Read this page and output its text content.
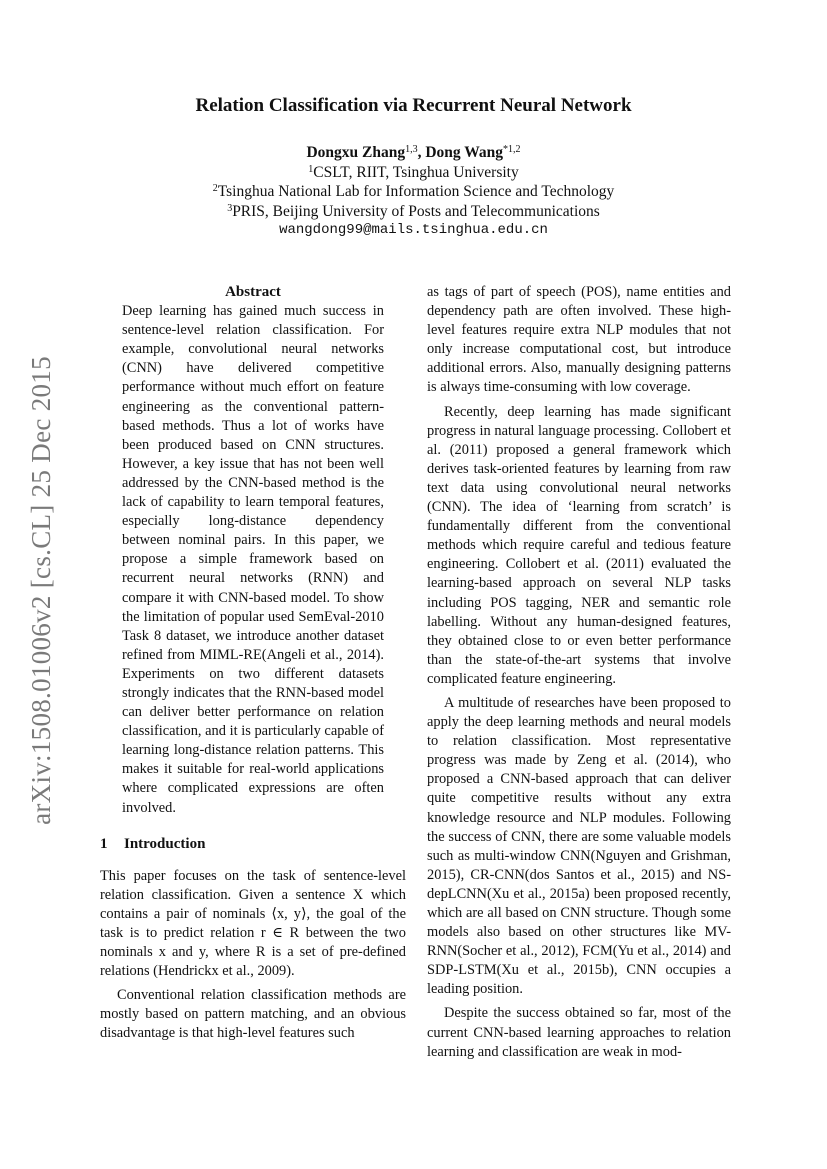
arXiv:1508.01006v2 [cs.CL] 25 Dec 2015
Relation Classification via Recurrent Neural Network
Dongxu Zhang$^{1,3}$, Dong Wang$^{*1,2}$
$^1$CSLT, RIIT, Tsinghua University
$^2$Tsinghua National Lab for Information Science and Technology
$^3$PRIS, Beijing University of Posts and Telecommunications
wangdong99@mails.tsinghua.edu.cn

Abstract

Deep learning has gained much success in sentence-level relation classification. For example, convolutional neural networks (CNN) have delivered competitive performance without much effort on feature engineering as the conventional pattern-based methods. Thus a lot of works have been produced based on CNN structures. However, a key issue that has not been well addressed by the CNN-based method is the lack of capability to learn temporal features, especially long-distance dependency between nominal pairs. In this paper, we propose a simple framework based on recurrent neural networks (RNN) and compare it with CNN-based model. To show the limitation of popular used SemEval-2010 Task 8 dataset, we introduce another dataset refined from MIML-RE(Angeli et al., 2014). Experiments on two different datasets strongly indicates that the RNN-based model can deliver better performance on relation classification, and it is particularly capable of learning long-distance relation patterns. This makes it suitable for real-world applications where complicated expressions are often involved.

1 Introduction

This paper focuses on the task of sentence-level relation classification. Given a sentence X which contains a pair of nominals ⟨x, y⟩, the goal of the task is to predict relation r ∈ R between the two nominals x and y, where R is a set of pre-defined relations (Hendrickx et al., 2009).

Conventional relation classification methods are mostly based on pattern matching, and an obvious disadvantage is that high-level features such

as tags of part of speech (POS), name entities and dependency path are often involved. These high-level features require extra NLP modules that not only increase computational cost, but introduce additional errors. Also, manually designing patterns is always time-consuming with low coverage.

Recently, deep learning has made significant progress in natural language processing. Collobert et al. (2011) proposed a general framework which derives task-oriented features by learning from raw text data using convolutional neural networks (CNN). The idea of ‘learning from scratch’ is fundamentally different from the conventional methods which require careful and tedious feature engineering. Collobert et al. (2011) evaluated the learning-based approach on several NLP tasks including POS tagging, NER and semantic role labelling. Without any human-designed features, they obtained close to or even better performance than the state-of-the-art systems that involve complicated feature engineering.

A multitude of researches have been proposed to apply the deep learning methods and neural models to relation classification. Most representative progress was made by Zeng et al. (2014), who proposed a CNN-based approach that can deliver quite competitive results without any extra knowledge resource and NLP modules. Following the success of CNN, there are some valuable models such as multi-window CNN(Nguyen and Grishman, 2015), CR-CNN(dos Santos et al., 2015) and NS-depLCNN(Xu et al., 2015a) been proposed recently, which are all based on CNN structure. Though some models also based on other structures like MV-RNN(Socher et al., 2012), FCM(Yu et al., 2014) and SDP-LSTM(Xu et al., 2015b), CNN occupies a leading position.

Despite the success obtained so far, most of the current CNN-based learning approaches to relation learning and classification are weak in mod-
